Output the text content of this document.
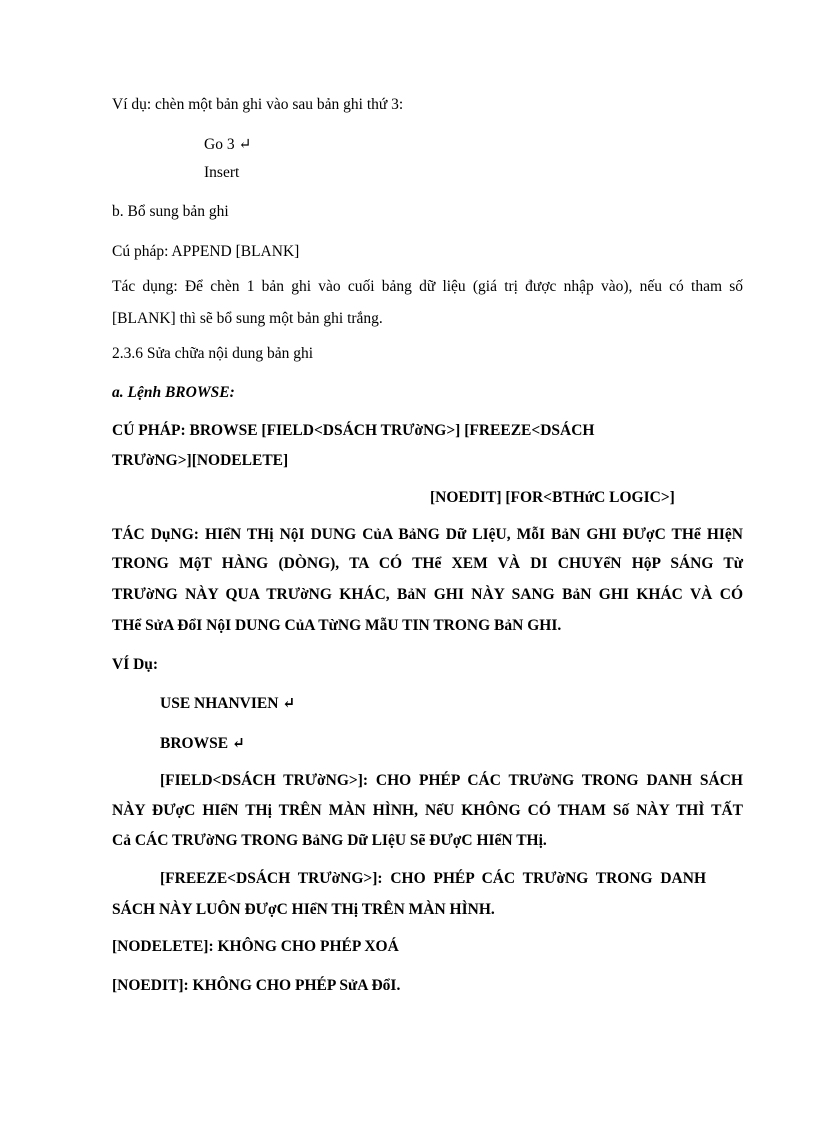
Ví dụ: chèn một bản ghi vào sau bản ghi thứ 3:
Go 3 ↵
Insert
b. Bổ sung bản ghi
Cú pháp: APPEND [BLANK]
Tác dụng: Để chèn 1 bản ghi vào cuối bảng dữ liệu (giá trị được nhập vào), nếu có tham số
[BLANK] thì sẽ bổ sung một bản ghi trắng.
2.3.6 Sửa chữa nội dung bản ghi
a. Lệnh BROWSE:
CÚ PHÁP: BROWSE [FIELD<DSÁCH TRƯờNG>] [FREEZE<DSÁCH
TRƯờNG>][NODELETE]
[NOEDIT] [FOR<BTHứC LOGIC>]
TÁC DụNG: HIểN THị NộI DUNG CủA BảNG Dữ LIệU, MỗI BảN GHI ĐƯợC THể HIệN
TRONG MộT HÀNG (DÒNG), TA CÓ THể XEM VÀ DI CHUYểN HộP SÁNG Từ
TRƯờNG NÀY QUA TRƯờNG KHÁC, BảN GHI NÀY SANG BảN GHI KHÁC VÀ CÓ
THể SửA ĐổI NộI DUNG CủA TừNG MẫU TIN TRONG BảN GHI.
VÍ Dụ:
USE NHANVIEN ↵
BROWSE ↵
[FIELD<DSÁCH TRƯờNG>]: CHO PHÉP CÁC TRƯờNG TRONG DANH SÁCH
NÀY ĐƯợC HIểN THị TRÊN MÀN HÌNH, NếU KHÔNG CÓ THAM Số NÀY THÌ TẤT
Cả CÁC TRƯờNG TRONG BảNG Dữ LIệU Sẽ ĐƯợC HIểN THị.
[FREEZE<DSÁCH TRƯờNG>]: CHO PHÉP CÁC TRƯờNG TRONG DANH
SÁCH NÀY LUÔN ĐƯợC HIểN THị TRÊN MÀN HÌNH.
[NODELETE]: KHÔNG CHO PHÉP XOÁ
[NOEDIT]: KHÔNG CHO PHÉP SửA ĐổI.
